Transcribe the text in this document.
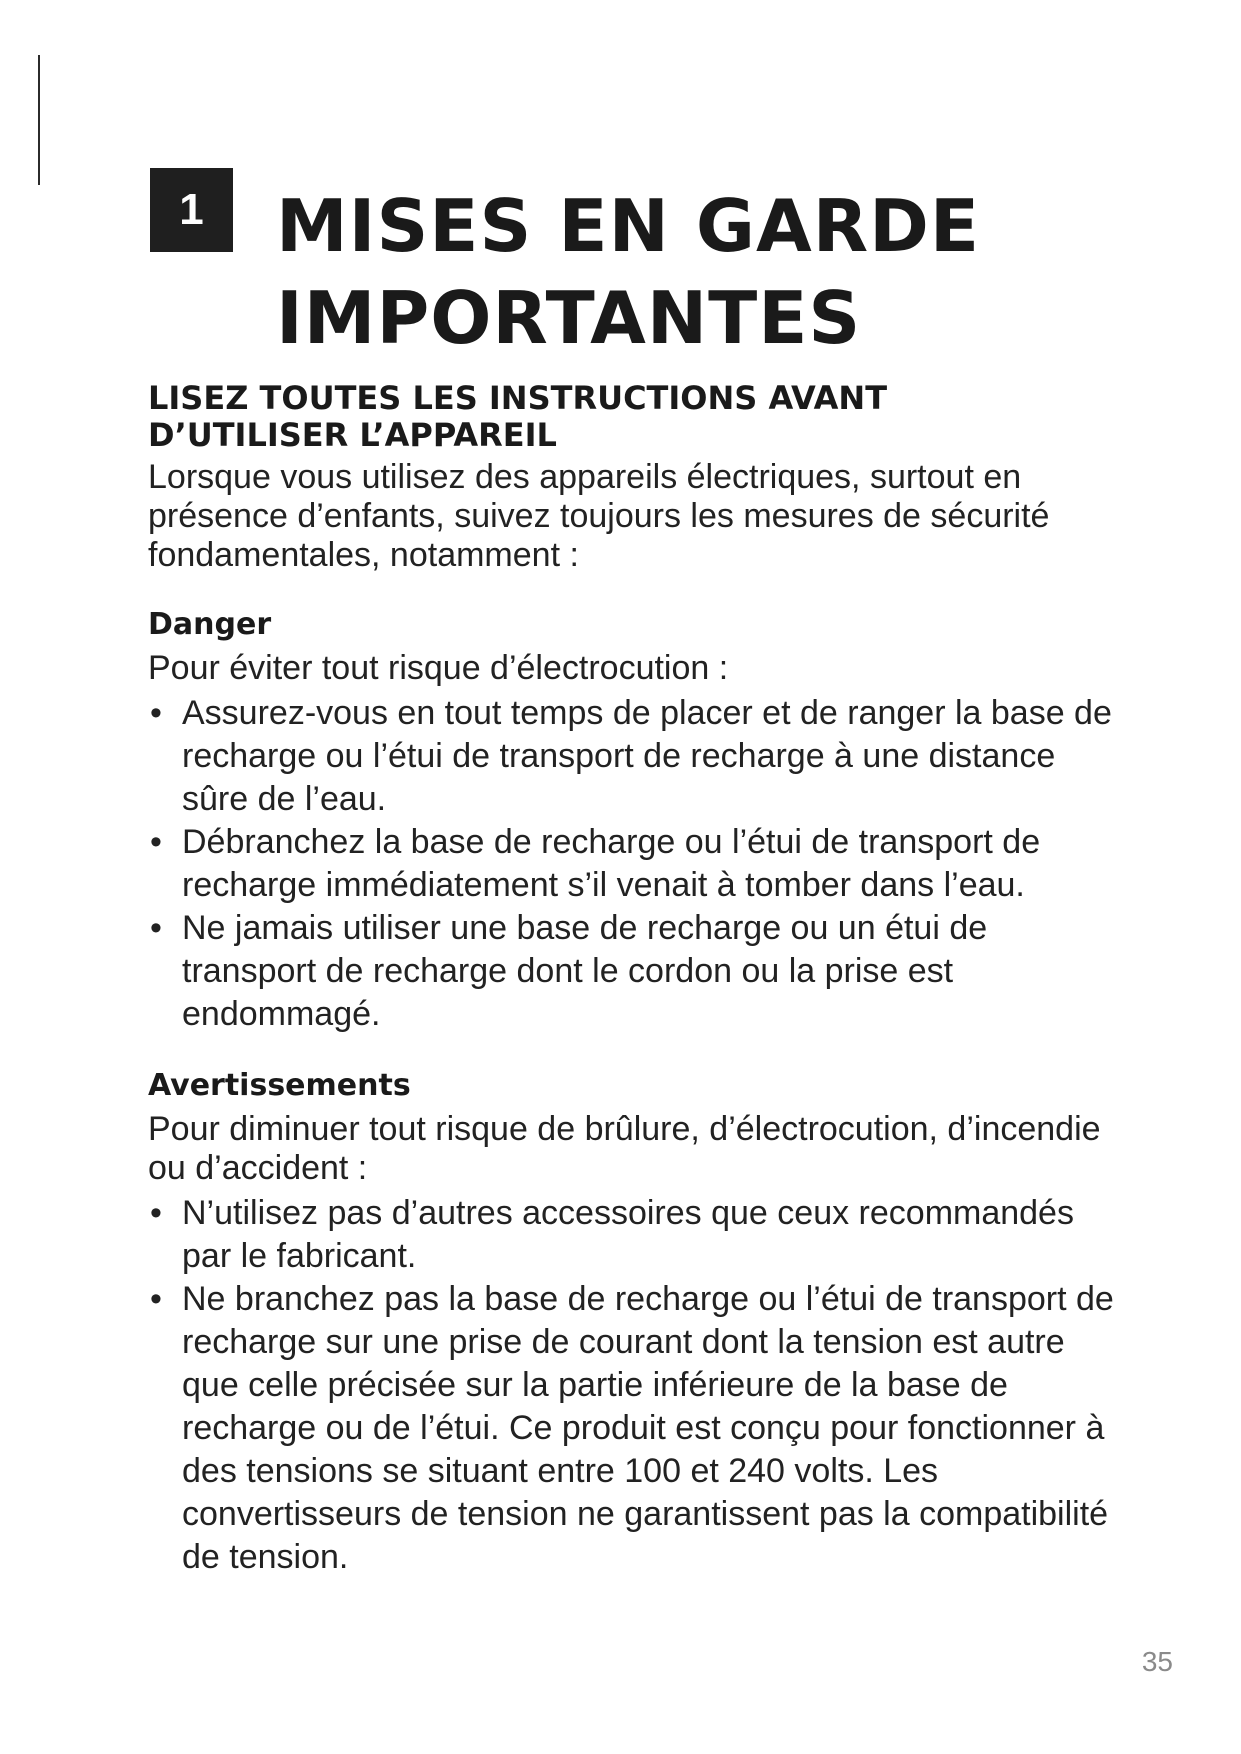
1	MISES EN GARDE
IMPORTANTES
LISEZ TOUTES LES INSTRUCTIONS AVANT
D’UTILISER L’APPAREIL

Lorsque vous utilisez des appareils électriques, surtout en présence d’enfants, suivez toujours les mesures de sécurité fondamentales, notamment :

Danger

Pour éviter tout risque d’électrocution :

• Assurez-vous en tout temps de placer et de ranger la base de recharge ou l’étui de transport de recharge à une distance sûre de l’eau.
• Débranchez la base de recharge ou l’étui de transport de recharge immédiatement s’il venait à tomber dans l’eau.
• Ne jamais utiliser une base de recharge ou un étui de transport de recharge dont le cordon ou la prise est endommagé.
Avertissements

Pour diminuer tout risque de brûlure, d’électrocution, d’incendie ou d’accident :

• N’utilisez pas d’autres accessoires que ceux recommandés par le fabricant.
• Ne branchez pas la base de recharge ou l’étui de transport de recharge sur une prise de courant dont la tension est autre que celle précisée sur la partie inférieure de la base de recharge ou de l’étui. Ce produit est conçu pour fonctionner à des tensions se situant entre 100 et 240 volts. Les convertisseurs de tension ne garantissent pas la compatibilité de tension.
35
